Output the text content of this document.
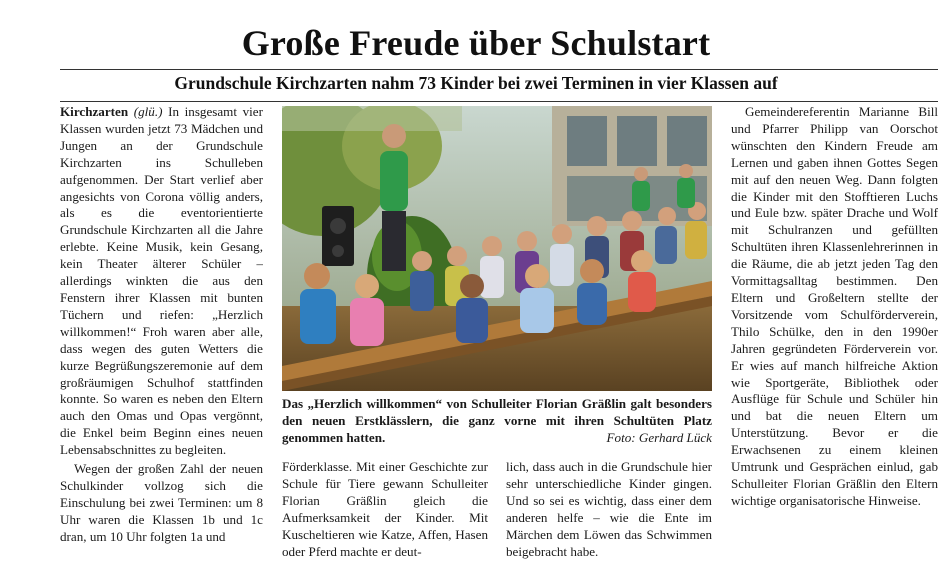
Große Freude über Schulstart
Grundschule Kirchzarten nahm 73 Kinder bei zwei Terminen in vier Klassen auf

Kirchzarten (glü.) In insgesamt vier Klassen wurden jetzt 73 Mädchen und Jungen an der Grundschule Kirchzarten ins Schulleben aufgenommen. Der Start verlief aber angesichts von Corona völlig anders, als es die eventorientierte Grundschule Kirchzarten all die Jahre erlebte. Keine Musik, kein Gesang, kein Theater älterer Schüler – allerdings winkten die aus den Fenstern ihrer Klassen mit bunten Tüchern und riefen: „Herzlich willkommen!“ Froh waren aber alle, dass wegen des guten Wetters die kurze Begrüßungszeremonie auf dem großräumigen Schulhof stattfinden konnte. So waren es neben den Eltern auch den Omas und Opas vergönnt, die Enkel beim Beginn eines neuen Lebensabschnittes zu begleiten.

Wegen der großen Zahl der neuen Schulkinder vollzog sich die Einschulung bei zwei Terminen: um 8 Uhr waren die Klassen 1b und 1c dran, um 10 Uhr folgten 1a und

Das „Herzlich willkommen“ von Schulleiter Florian Gräßlin galt besonders den neuen Erstklässlern, die ganz vorne mit ihren Schultüten Platz genommen hatten.	Foto: Gerhard Lück

Förderklasse. Mit einer Geschichte zur Schule für Tiere gewann Schulleiter Florian Gräßlin gleich die Aufmerksamkeit der Kinder. Mit Kuscheltieren wie Katze, Affen, Hasen oder Pferd machte er deut-

lich, dass auch in die Grundschule hier sehr unterschiedliche Kinder gingen. Und so sei es wichtig, dass einer dem anderen helfe – wie die Ente im Märchen dem Löwen das Schwimmen beigebracht habe.

Gemeindereferentin Marianne Bill und Pfarrer Philipp van Oorschot wünschten den Kindern Freude am Lernen und gaben ihnen Gottes Segen mit auf den neuen Weg. Dann folgten die Kinder mit den Stofftieren Luchs und Eule bzw. später Drache und Wolf mit Schulranzen und gefüllten Schultüten ihren Klassenlehrerinnen in die Räume, die ab jetzt jeden Tag den Vormittagsalltag bestimmen. Den Eltern und Großeltern stellte der Vorsitzende vom Schulförderverein, Thilo Schülke, den in den 1990er Jahren gegründeten Förderverein vor. Er wies auf manch hilfreiche Aktion wie Sportgeräte, Bibliothek oder Ausflüge für Schule und Schüler hin und bat die neuen Eltern um Unterstützung. Bevor er die Erwachsenen zu einem kleinen Umtrunk und Gesprächen einlud, gab Schulleiter Florian Gräßlin den Eltern wichtige organisatorische Hinweise.
